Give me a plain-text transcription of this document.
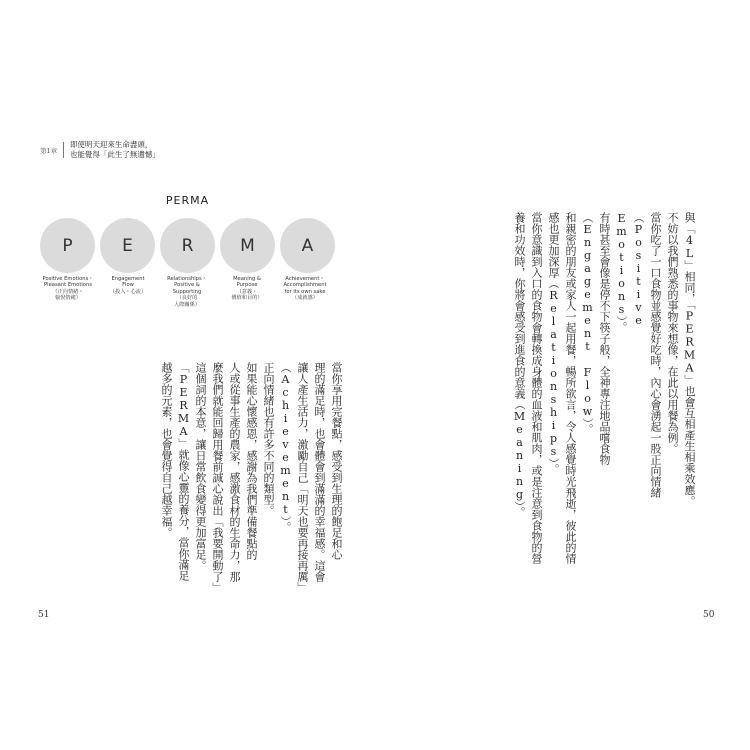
第1章
即使明天迎來生命盡頭，
也能覺得「此生了無遺憾」
PERMA
P	E	R	M	A
Positive Emotions・
Pleasant Emotions
（正向情緒・
愉悅情緒）
Engagement
Flow
（投入・心流）
Relationships・
Positive &
Supporting
（良好的
人際關係）
Meaning &
Purpose
（意義・
價值和目的）
Achievement・
Accomplishment
for its own sake
（成就感）
當你享用完餐點，感受到生理的飽足和心
理的滿足時，也會體會到滿滿的幸福感。這會
讓人產生活力，激勵自己「明天也要再接再厲」
（Achievement）。
正向情緒也有許多不同的類型。
如果能心懷感恩，感謝為我們準備餐點的
人或從事生產的農家，感激食材的生命力，那
麼我們就能回歸用餐前誠心說出「我要開動了」
這個詞的本意，讓日常飲食變得更加富足。
「PERMA」就像心靈的養分，當你滿足
越多的元素，也會覺得自己越幸福。
51
與「4L」相同，「PERMA」也會互相產生相乘效應。
不妨以我們熟悉的事物來想像，在此以用餐為例。
當你吃了一口食物並感覺好吃時，內心會湧起一股正向情緒（Positive
Emotions）。
有時甚至會像是停不下筷子般，全神專注地品嚐食物（Engagement Flow）。
和親密的朋友或家人一起用餐，暢所欲言，令人感覺時光飛逝，彼此的情
感也更加深厚（Relationships）。
當你意識到入口的食物會轉換成身體的血液和肌肉，或是注意到食物的營
養和功效時，你將會感受到進食的意義（Meaning）。
50
